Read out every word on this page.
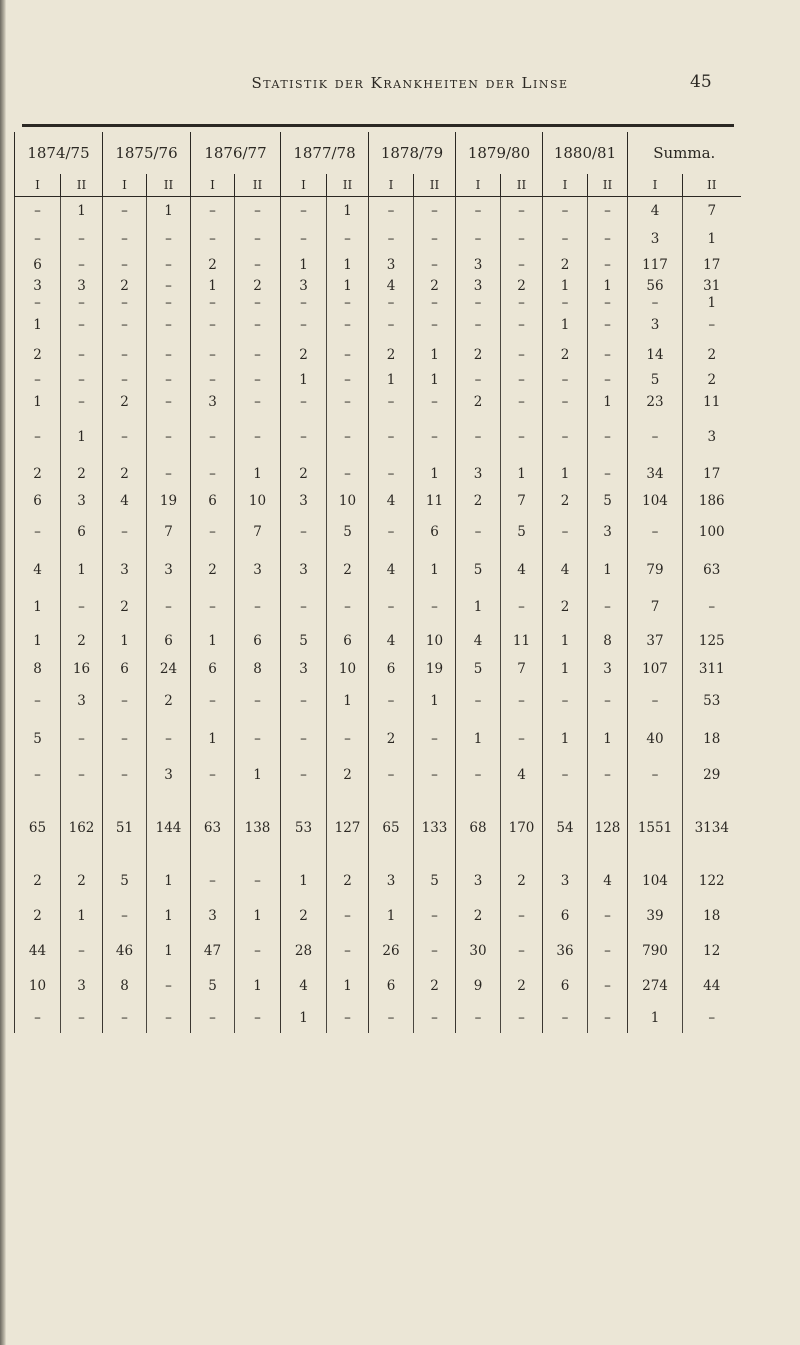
Statistik der Krankheiten der Linse	45
1874/75		1875/76		1876/77		1877/78		1878/79		1879/80		1880/81		Summa.	
I	II	I	II	I	II	I	II	I	II	I	II	I	II	I	II
–	1	–	1	–	–	–	1	–	–	–	–	–	–	4	7
–	–	–	–	–	–	–	–	–	–	–	–	–	–	3	1
6	–	–	–	2	–	1	1	3	–	3	–	2	–	117	17
3	3	2	–	1	2	3	1	4	2	3	2	1	1	56	31
–	–	–	–	–	–	–	–	–	–	–	–	–	–	–	1
1	–	–	–	–	–	–	–	–	–	–	–	1	–	3	–
2	–	–	–	–	–	2	–	2	1	2	–	2	–	14	2
–	–	–	–	–	–	1	–	1	1	–	–	–	–	5	2
1	–	2	–	3	–	–	–	–	–	2	–	–	1	23	11
–	1	–	–	–	–	–	–	–	–	–	–	–	–	–	3
2	2	2	–	–	1	2	–	–	1	3	1	1	–	34	17
6	3	4	19	6	10	3	10	4	11	2	7	2	5	104	186
–	6	–	7	–	7	–	5	–	6	–	5	–	3	–	100
4	1	3	3	2	3	3	2	4	1	5	4	4	1	79	63
1	–	2	–	–	–	–	–	–	–	1	–	2	–	7	–
1	2	1	6	1	6	5	6	4	10	4	11	1	8	37	125
8	16	6	24	6	8	3	10	6	19	5	7	1	3	107	311
–	3	–	2	–	–	–	1	–	1	–	–	–	–	–	53
5	–	–	–	1	–	–	–	2	–	1	–	1	1	40	18
–	–	–	3	–	1	–	2	–	–	–	4	–	–	–	29
65	162	51	144	63	138	53	127	65	133	68	170	54	128	1551	3134
2	2	5	1	–	–	1	2	3	5	3	2	3	4	104	122
2	1	–	1	3	1	2	–	1	–	2	–	6	–	39	18
44	–	46	1	47	–	28	–	26	–	30	–	36	–	790	12
10	3	8	–	5	1	4	1	6	2	9	2	6	–	274	44
–	–	–	–	–	–	1	–	–	–	–	–	–	–	1	–
